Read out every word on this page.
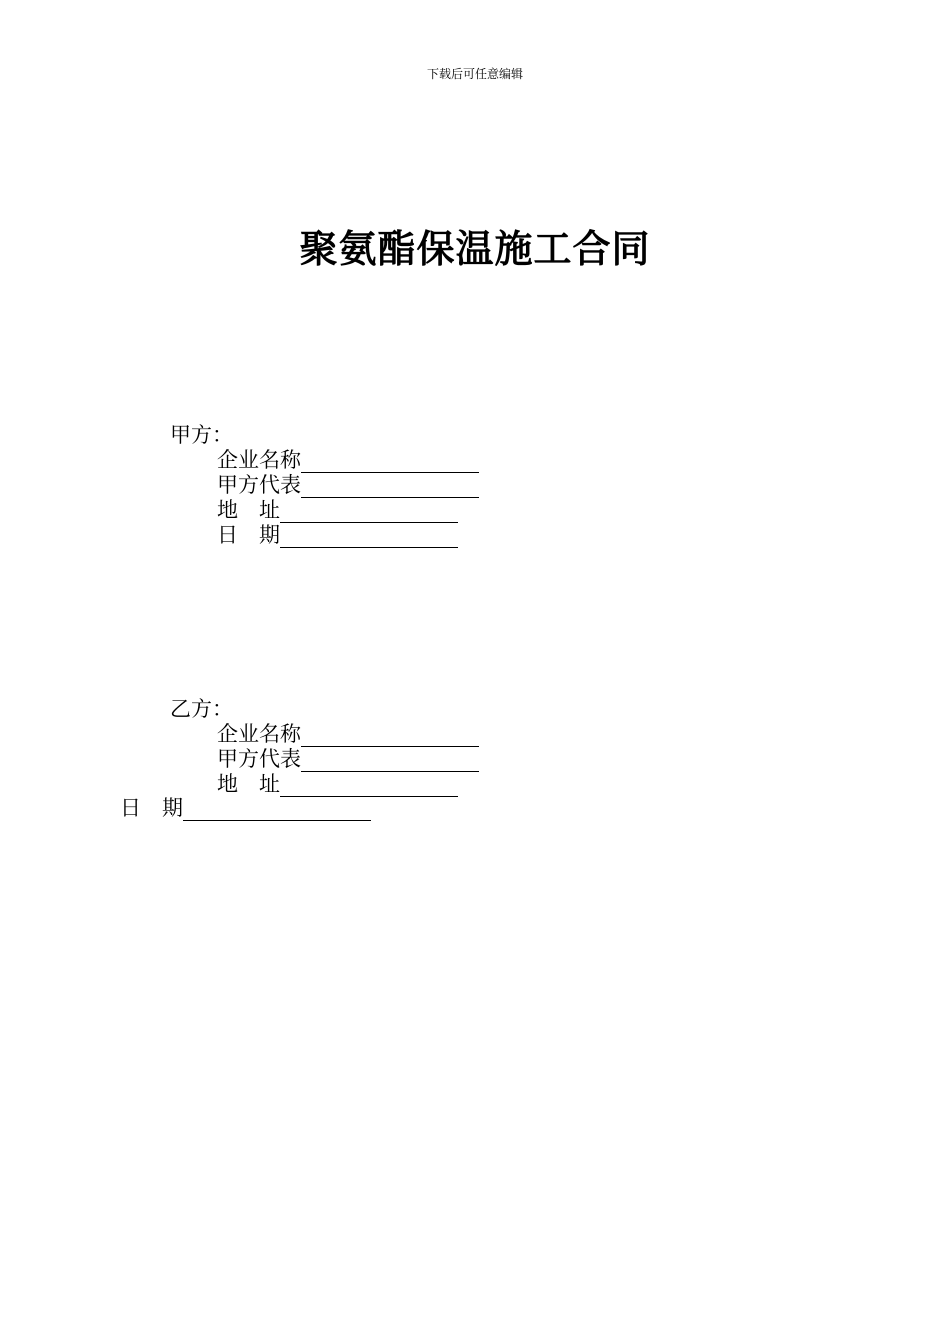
下载后可任意编辑
聚氨酯保温施工合同
甲方：
企业名称
甲方代表
地　址
日　期
乙方：
企业名称
甲方代表
地　址
日　期
